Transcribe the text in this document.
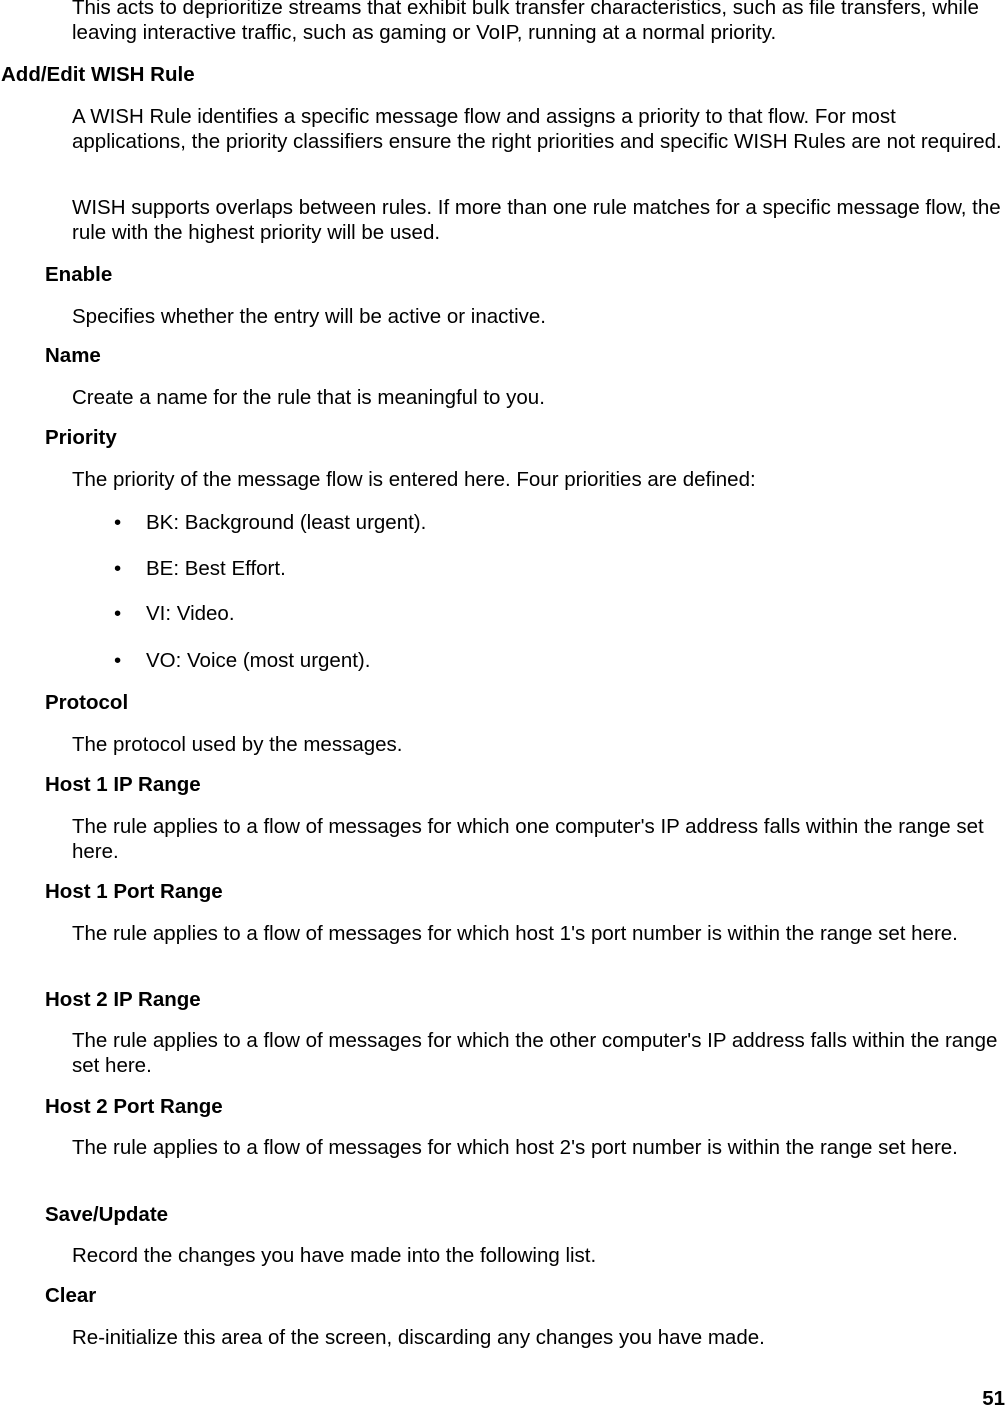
This acts to deprioritize streams that exhibit bulk transfer characteristics, such as file transfers, while leaving interactive traffic, such as gaming or VoIP, running at a normal priority.

Add/Edit WISH Rule

A WISH Rule identifies a specific message flow and assigns a priority to that flow. For most applications, the priority classifiers ensure the right priorities and specific WISH Rules are not required.

WISH supports overlaps between rules. If more than one rule matches for a specific message flow, the rule with the highest priority will be used.

Enable

Specifies whether the entry will be active or inactive.

Name

Create a name for the rule that is meaningful to you.

Priority

The priority of the message flow is entered here. Four priorities are defined:

• BK: Background (least urgent).

• BE: Best Effort.

• VI: Video.

• VO: Voice (most urgent).

Protocol

The protocol used by the messages.

Host 1 IP Range

The rule applies to a flow of messages for which one computer's IP address falls within the range set here.

Host 1 Port Range

The rule applies to a flow of messages for which host 1's port number is within the range set here.

Host 2 IP Range

The rule applies to a flow of messages for which the other computer's IP address falls within the range set here.

Host 2 Port Range

The rule applies to a flow of messages for which host 2's port number is within the range set here.

Save/Update

Record the changes you have made into the following list.

Clear

Re-initialize this area of the screen, discarding any changes you have made.

51
